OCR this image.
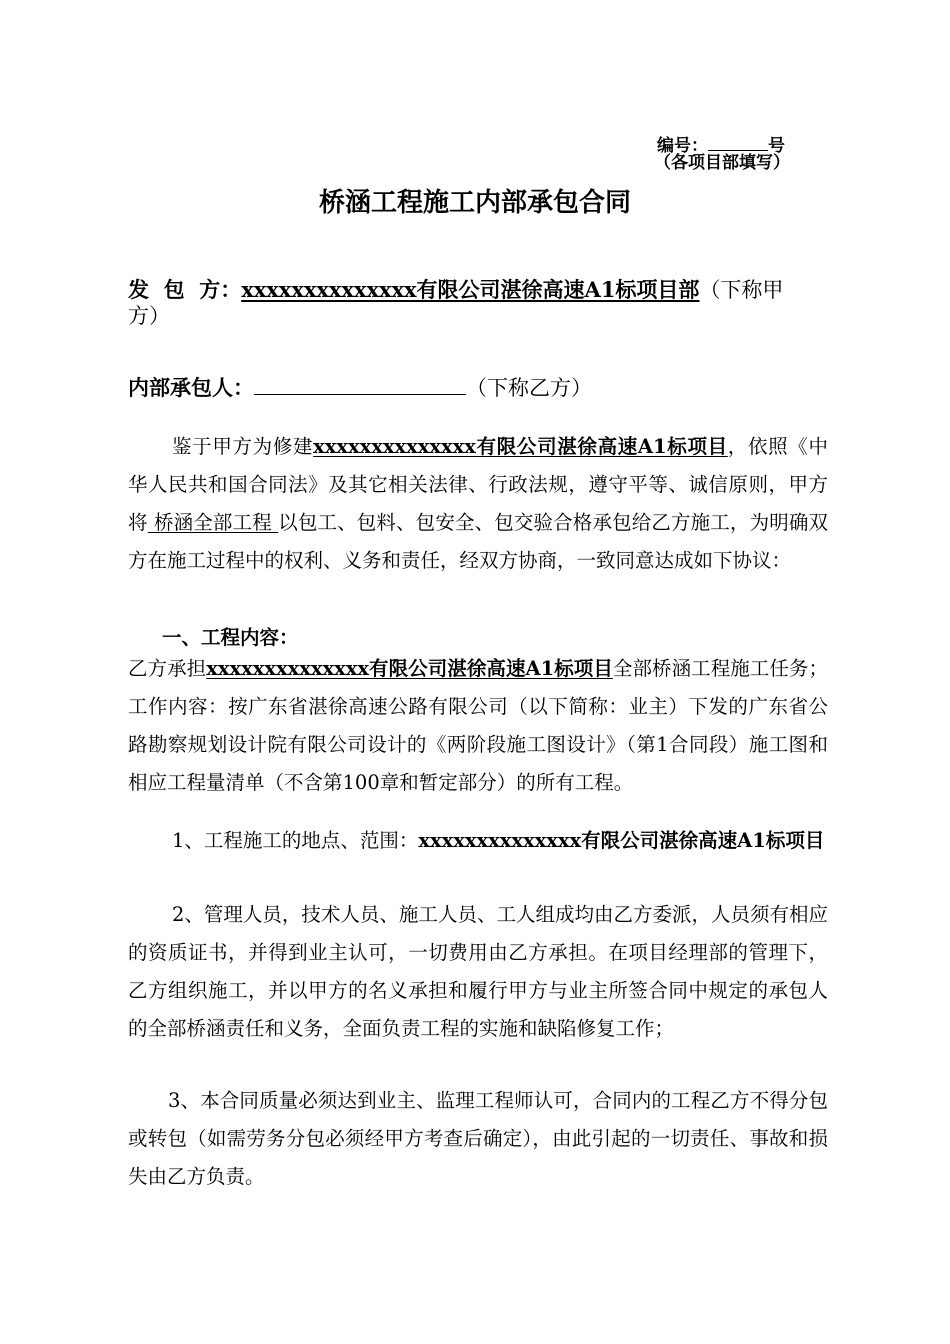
编号：	号
（各项目部填写）
桥涵工程施工内部承包合同
发  包  方：xxxxxxxxxxxxxx有限公司湛徐高速A1标项目部（下称甲
方）
内部承包人：	（下称乙方）
鉴于甲方为修建xxxxxxxxxxxxxx有限公司湛徐高速A1标项目，依照《中华人民共和国合同法》及其它相关法律、行政法规，遵守平等、诚信原则，甲方将 桥涵全部工程 以包工、包料、包安全、包交验合格承包给乙方施工，为明确双方在施工过程中的权利、义务和责任，经双方协商，一致同意达成如下协议：
一、工程内容：
乙方承担xxxxxxxxxxxxxx有限公司湛徐高速A1标项目全部桥涵工程施工任务；工作内容：按广东省湛徐高速公路有限公司（以下简称：业主）下发的广东省公路勘察规划设计院有限公司设计的《两阶段施工图设计》（第1合同段）施工图和相应工程量清单（不含第100章和暂定部分）的所有工程。
1、工程施工的地点、范围：xxxxxxxxxxxxxx有限公司湛徐高速A1标项目
2、管理人员，技术人员、施工人员、工人组成均由乙方委派，人员须有相应的资质证书，并得到业主认可，一切费用由乙方承担。在项目经理部的管理下，乙方组织施工，并以甲方的名义承担和履行甲方与业主所签合同中规定的承包人的全部桥涵责任和义务，全面负责工程的实施和缺陷修复工作；
3、本合同质量必须达到业主、监理工程师认可，合同内的工程乙方不得分包或转包（如需劳务分包必须经甲方考查后确定），由此引起的一切责任、事故和损失由乙方负责。
